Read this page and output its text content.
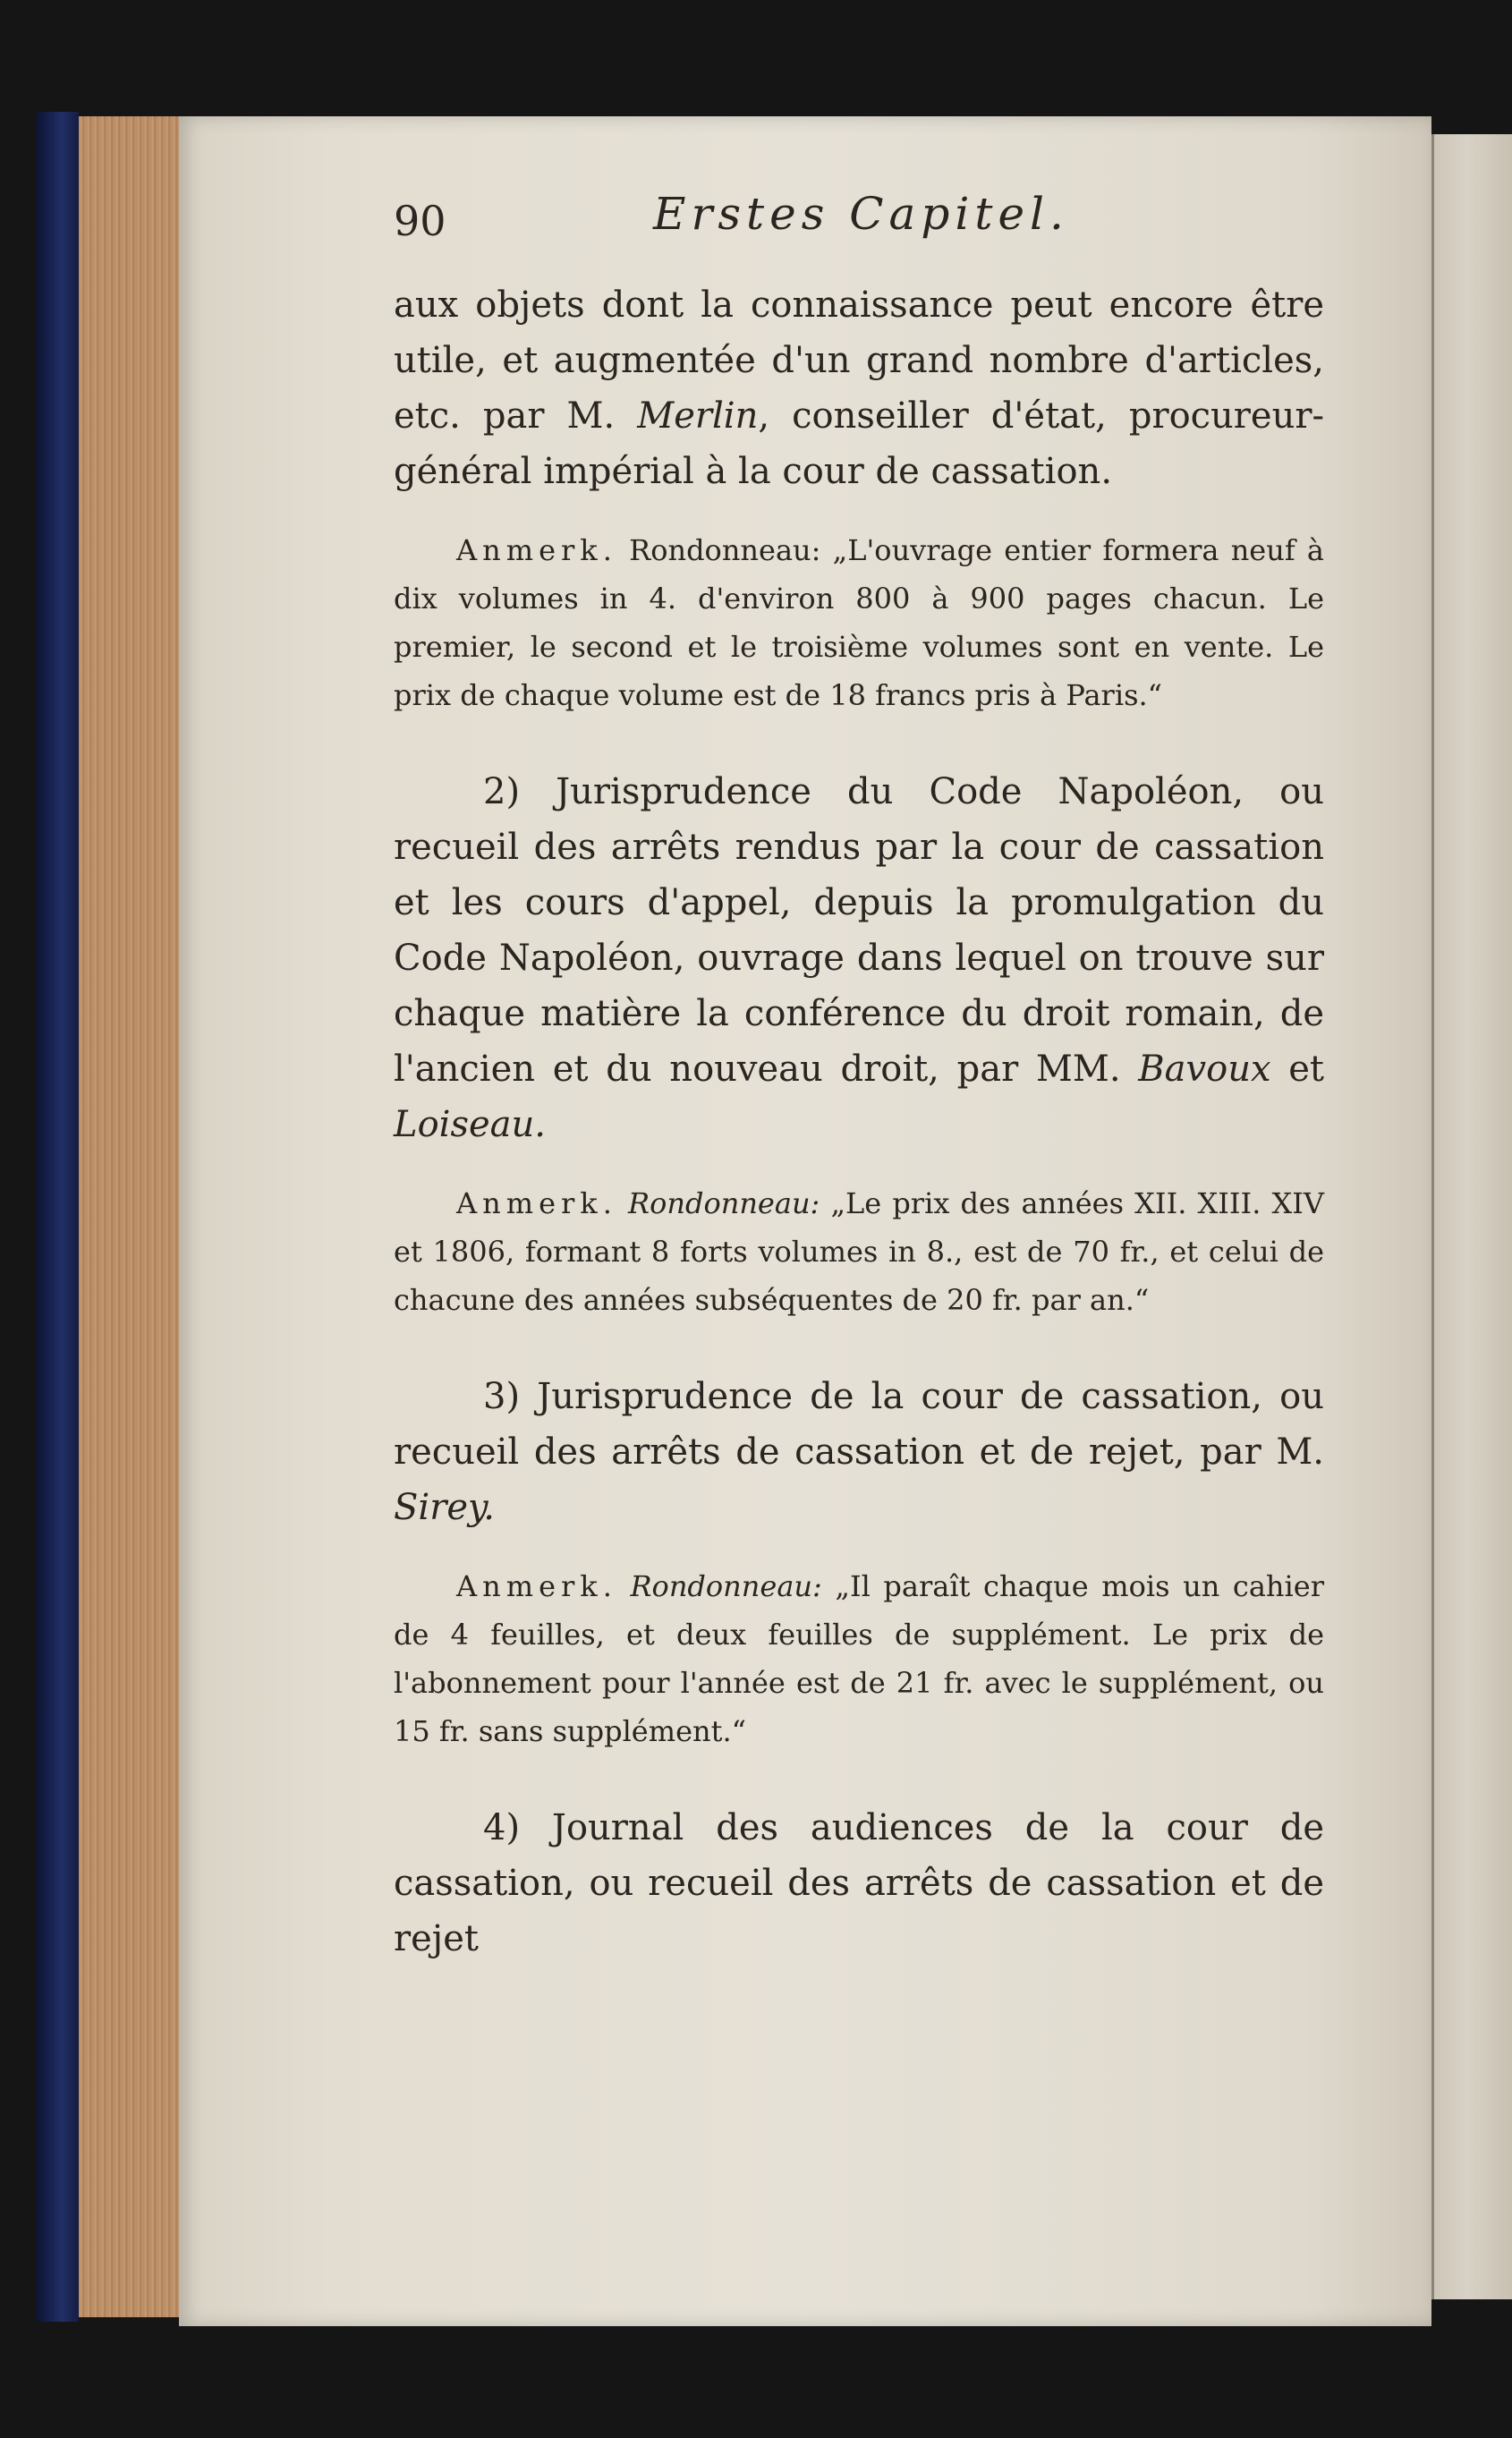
90	Erstes Capitel.

aux objets dont la connaissance peut encore être utile, et augmentée d'un grand nombre d'articles, etc. par M. Merlin, conseiller d'état, procureur-général impérial à la cour de cassation.

Anmerk. Rondonneau: „L'ouvrage entier formera neuf à dix volumes in 4. d'environ 800 à 900 pages chacun. Le premier, le second et le troisième volumes sont en vente. Le prix de chaque volume est de 18 francs pris à Paris.“

2) Jurisprudence du Code Napoléon, ou recueil des arrêts rendus par la cour de cassation et les cours d'appel, depuis la promulgation du Code Napoléon, ouvrage dans lequel on trouve sur chaque matière la conférence du droit romain, de l'ancien et du nouveau droit, par MM. Bavoux et Loiseau.

Anmerk. Rondonneau: „Le prix des années XII. XIII. XIV et 1806, formant 8 forts volumes in 8., est de 70 fr., et celui de chacune des années subséquentes de 20 fr. par an.“

3) Jurisprudence de la cour de cassation, ou recueil des arrêts de cassation et de rejet, par M. Sirey.

Anmerk. Rondonneau: „Il paraît chaque mois un cahier de 4 feuilles, et deux feuilles de supplément. Le prix de l'abonnement pour l'année est de 21 fr. avec le supplément, ou 15 fr. sans supplément.“

4) Journal des audiences de la cour de cassation, ou recueil des arrêts de cassation et de rejet
